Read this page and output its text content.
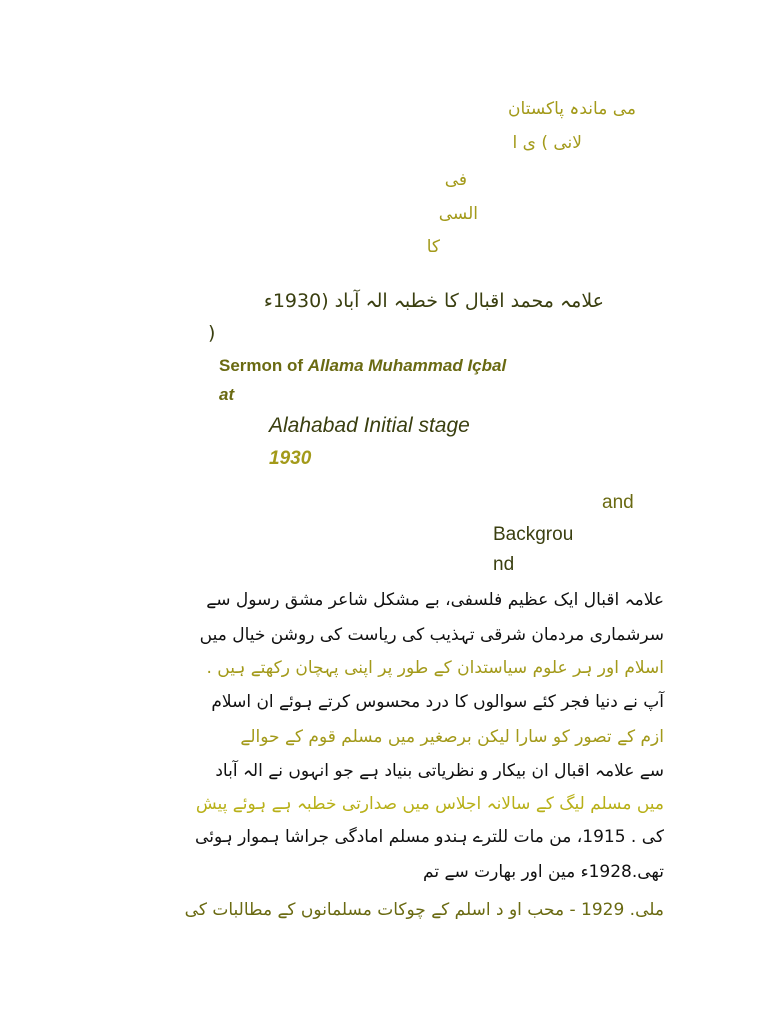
می ماندہ پاکستان
لانی ) ی ا
فی
السی
کا
علامہ محمد اقبال کا خطبہ الہ آباد (1930ء
)
Sermon of Allama Muhammad Içbal
at
Alahabad Initial stage
1930
and
Backgrou
nd
علامہ اقبال ایک عظیم فلسفی، بے مشکل شاعر مشق رسول سے
سرشماری مردمان شرقی تہذیب کی ریاست کی روشن خیال میں
اسلام اور ہر علوم سیاستدان کے طور پر اپنی پہچان رکھتے ہیں .
آپ نے دنیا فجر کئے سوالوں کا درد محسوس کرتے ہوئے ان اسلام
ازم کے تصور کو سارا لیکن برصغیر میں مسلم قوم کے حوالے
سے علامہ اقبال ان بیکار و نظریاتی بنیاد ہے جو انہوں نے الہ آباد
میں مسلم لیگ کے سالانہ اجلاس میں صدارتی خطبہ ہے ہوئے پیش
کی . 1915، من مات للترے ہندو مسلم امادگی جراشا ہموار ہوئی
تھی.1928ء مین اور بھارت سے تم
ملی. 1929 - محب او د اسلم کے چوکات مسلمانوں کے مطالبات کی
